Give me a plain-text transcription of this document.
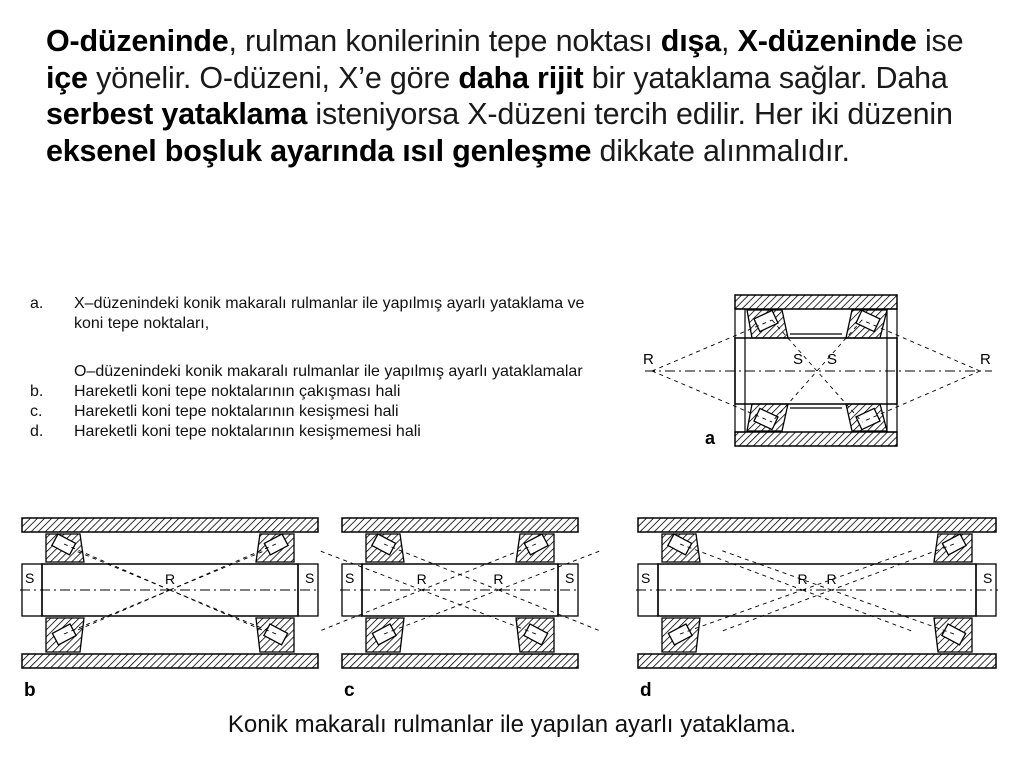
O-düzeninde, rulman konilerinin tepe noktası dışa, X-düzeninde ise içe yönelir. O-düzeni, X’e göre daha rijit bir yataklama sağlar. Daha serbest yataklama isteniyorsa X-düzeni tercih edilir. Her iki düzenin eksenel boşluk ayarında ısıl genleşme dikkate alınmalıdır.
a. X–düzenindeki konik makaralı rulmanlar ile yapılmış ayarlı yataklama ve koni tepe noktaları,
O–düzenindeki konik makaralı rulmanlar ile yapılmış ayarlı yataklamalar
b. Hareketli koni tepe noktalarının çakışması hali
c. Hareketli koni tepe noktalarının kesişmesi hali
d. Hareketli koni tepe noktalarının kesişmemesi hali
R	R
S S
a
Konik makaralı rulmanlar ile yapılan ayarlı yataklama.
S	S
R
b
S	S
R	R
c
S	S
R
R
d
